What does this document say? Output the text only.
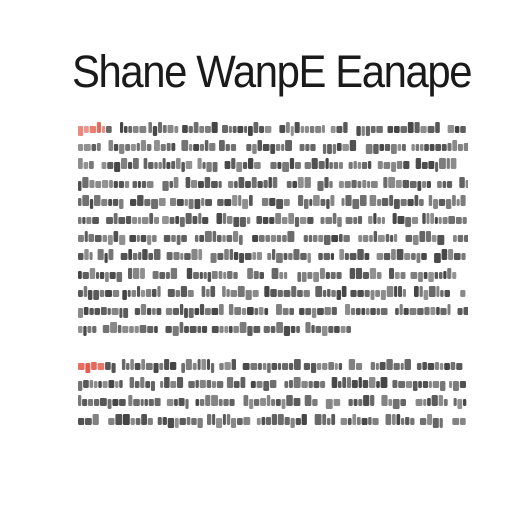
Shane WanpE Eanape
